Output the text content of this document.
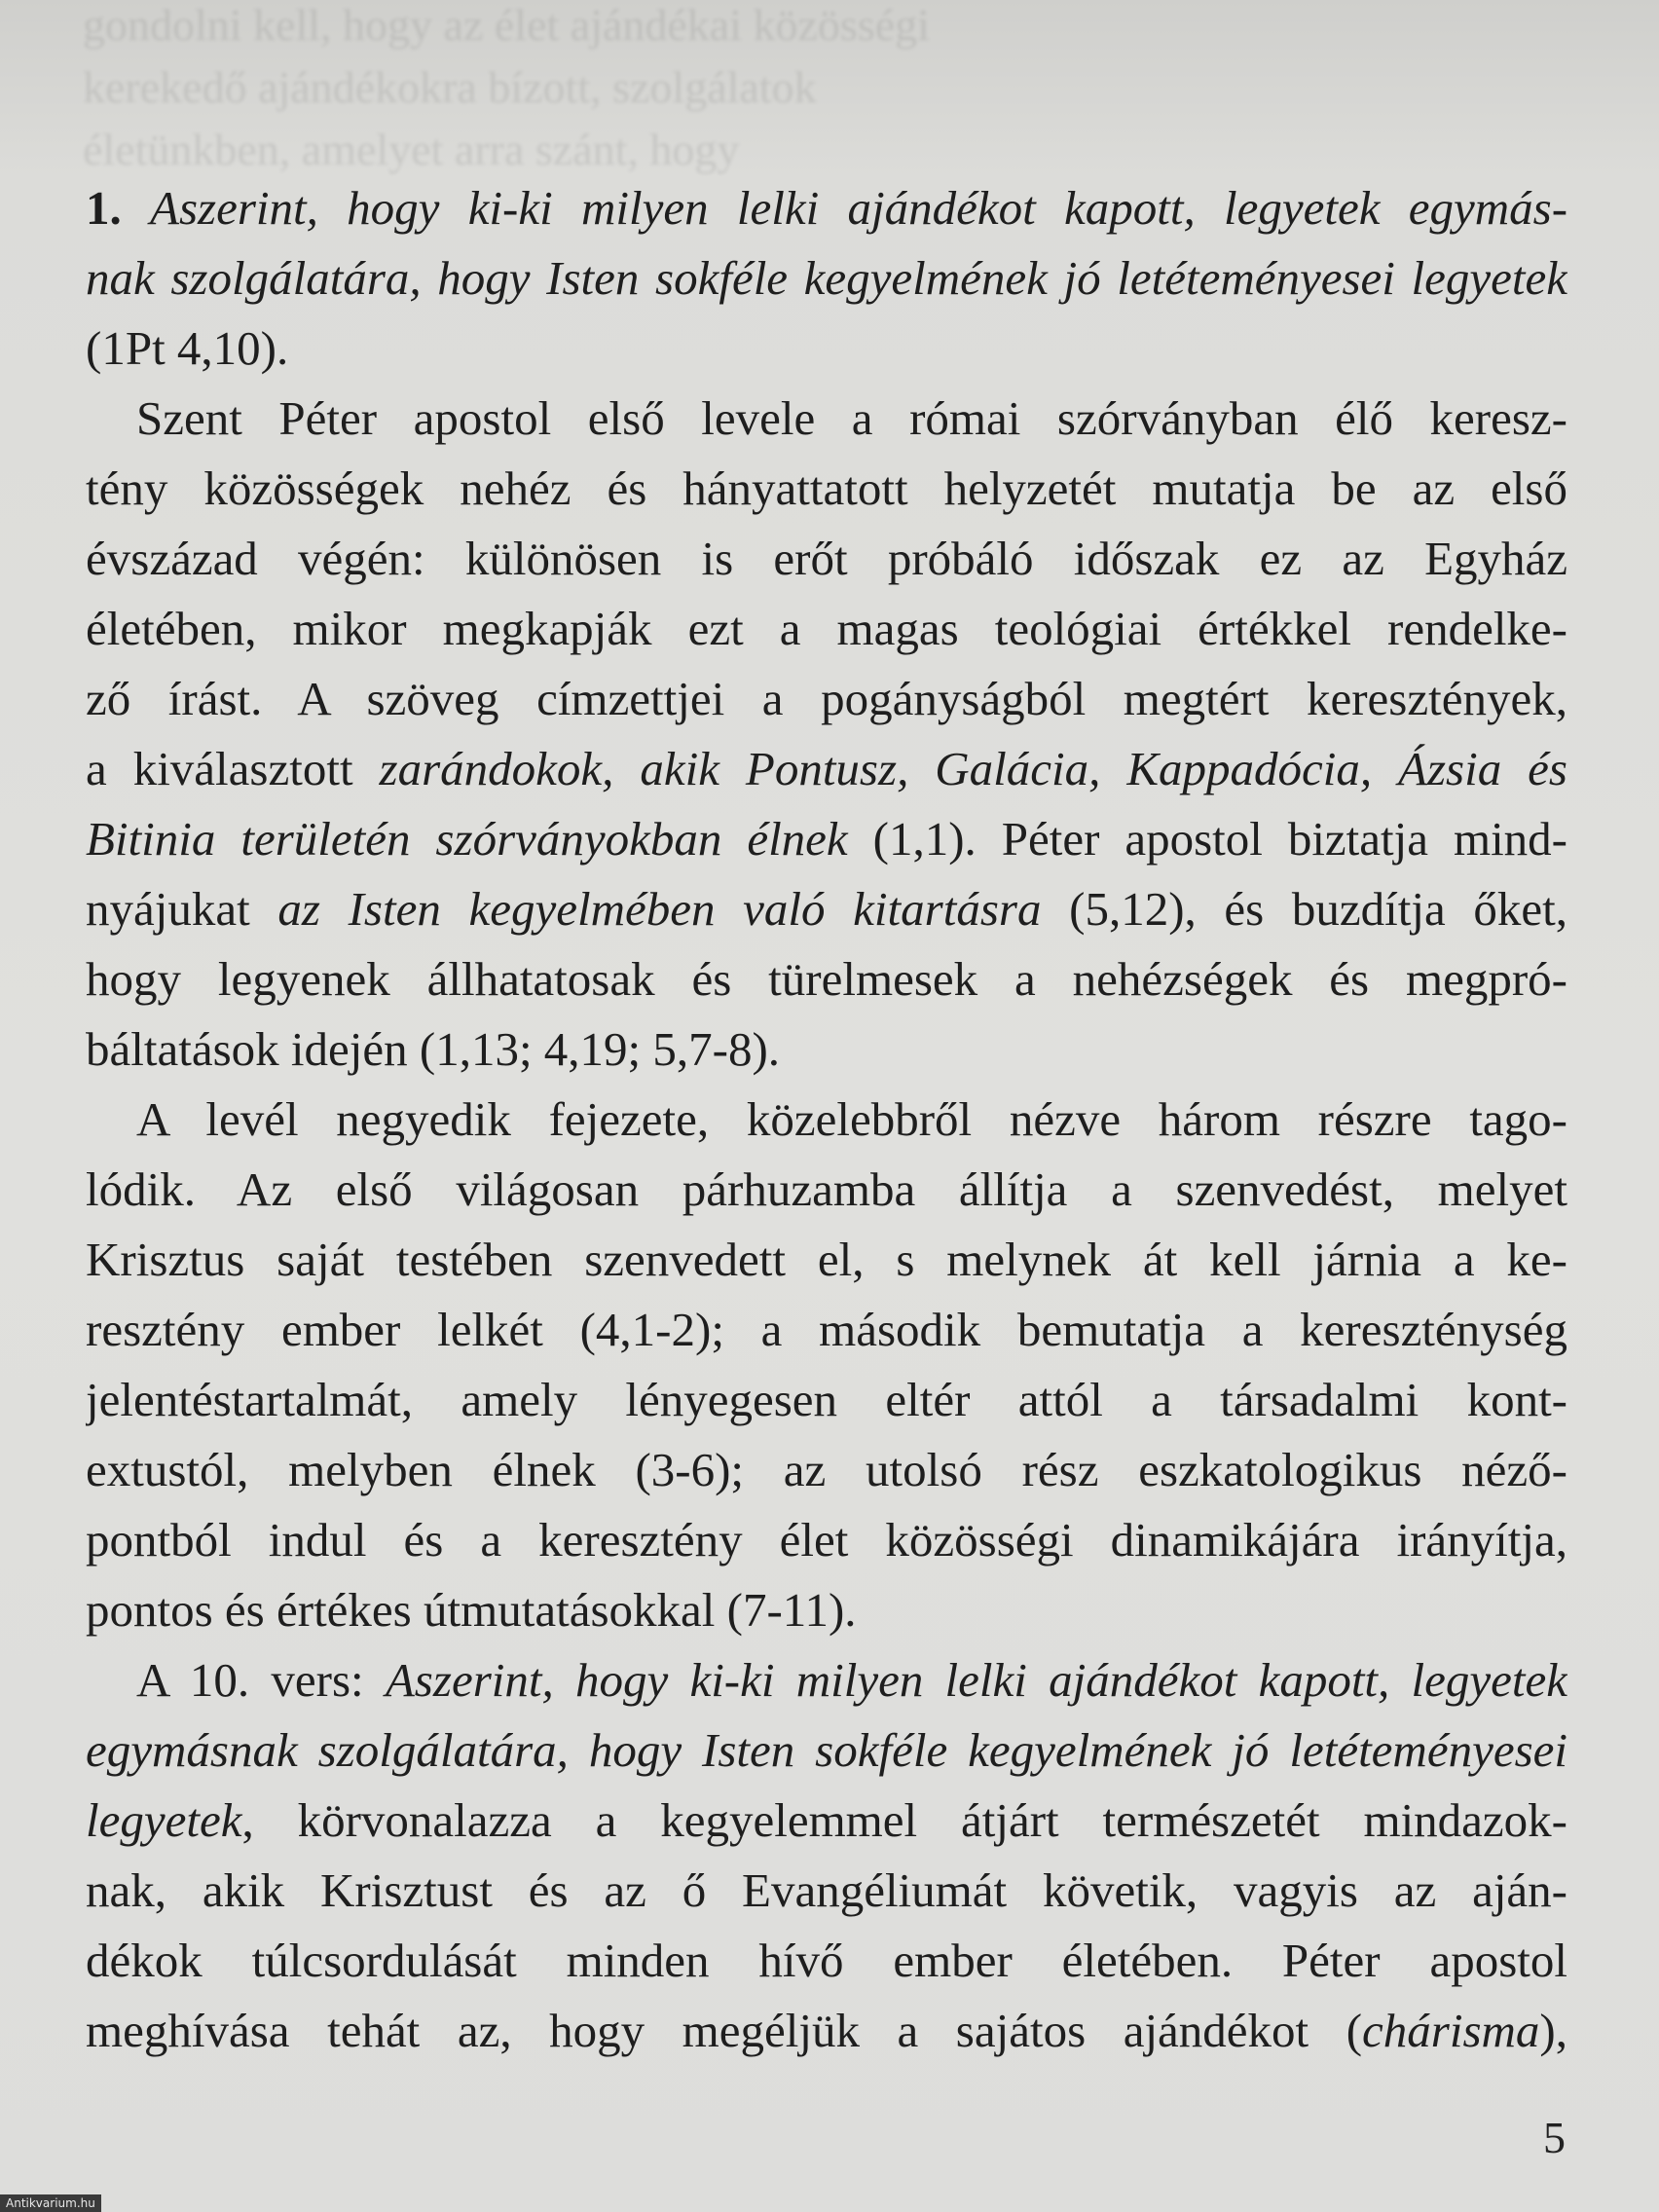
gondolni kell, hogy az élet ajándékai közösségi
kerekedő ajándékokra bízott, szolgálatok
életünkben, amelyet arra szánt, hogy
1. Aszerint, hogy ki-ki milyen lelki ajándékot kapott, legyetek egymás-
nak szolgálatára, hogy Isten sokféle kegyelmének jó letéteményesei legyetek
(1Pt 4,10).
Szent Péter apostol első levele a római szórványban élő keresz-
tény közösségek nehéz és hányattatott helyzetét mutatja be az első
évszázad végén: különösen is erőt próbáló időszak ez az Egyház
életében, mikor megkapják ezt a magas teológiai értékkel rendelke-
ző írást. A szöveg címzettjei a pogányságból megtért keresztények,
a kiválasztott zarándokok, akik Pontusz, Galácia, Kappadócia, Ázsia és
Bitinia területén szórványokban élnek (1,1). Péter apostol biztatja mind-
nyájukat az Isten kegyelmében való kitartásra (5,12), és buzdítja őket,
hogy legyenek állhatatosak és türelmesek a nehézségek és megpró-
báltatások idején (1,13; 4,19; 5,7-8).
A levél negyedik fejezete, közelebbről nézve három részre tago-
lódik. Az első világosan párhuzamba állítja a szenvedést, melyet
Krisztus saját testében szenvedett el, s melynek át kell járnia a ke-
resztény ember lelkét (4,1-2); a második bemutatja a kereszténység
jelentéstartalmát, amely lényegesen eltér attól a társadalmi kont-
extustól, melyben élnek (3-6); az utolsó rész eszkatologikus néző-
pontból indul és a keresztény élet közösségi dinamikájára irányítja,
pontos és értékes útmutatásokkal (7-11).
A 10. vers: Aszerint, hogy ki-ki milyen lelki ajándékot kapott, legyetek
egymásnak szolgálatára, hogy Isten sokféle kegyelmének jó letéteményesei
legyetek, körvonalazza a kegyelemmel átjárt természetét mindazok-
nak, akik Krisztust és az ő Evangéliumát követik, vagyis az aján-
dékok túlcsordulását minden hívő ember életében. Péter apostol
meghívása tehát az, hogy megéljük a sajátos ajándékot (chárisma),
5
Antikvarium.hu
